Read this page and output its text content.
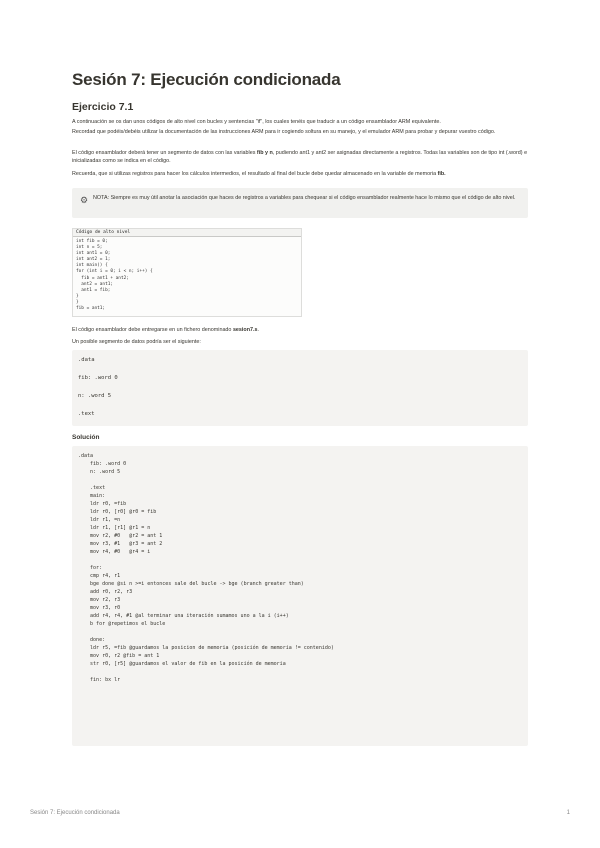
Sesión 7: Ejecución condicionada
Ejercicio 7.1
A continuación se os dan unos códigos de alto nivel con bucles y sentencias "if", los cuales tenéis que traducir a un código ensamblador ARM equivalente.
Recordad que podéis/debéis utilizar la documentación de las instrucciones ARM para ir cogiendo soltura en su manejo, y el emulador ARM para probar y depurar vuestro código.
El código ensamblador deberá tener un segmento de datos con las variables fib y n, pudiendo ant1 y ant2 ser asignadas directamente a registros. Todas las variables son de tipo int (.word) e inicializadas como se indica en el código.
Recuerda, que si utilizas registros para hacer los cálculos intermedios, el resultado al final del bucle debe quedar almacenado en la variable de memoria fib.
⚙ NOTA: Siempre es muy útil anotar la asociación que haces de registros a variables para chequear si el código ensamblador realmente hace lo mismo que el código de alto nivel.
Código de alto nivel
int fib = 0;
int n = 5;
int ant1 = 0;
int ant2 = 1;
int main() {
for (int i = 0; i < n; i++) {
fib = ant1 + ant2;
ant2 = ant1;
ant1 = fib;
}
}
fib = ant1;
El código ensamblador debe entregarse en un fichero denominado sesion7.s.
Un posible segmento de datos podría ser el siguiente:
.data
fib: .word 0
n: .word 5
.text
Solución
.data
fib: .word 0
n: .word 5

.text
main:
ldr r0, =fib
ldr r0, [r0] @r0 = fib
ldr r1, =n
ldr r1, [r1] @r1 = n
mov r2, #0   @r2 = ant 1
mov r3, #1   @r3 = ant 2
mov r4, #0   @r4 = i

for:
cmp r4, r1
bge done @si n >=i entonces sale del bucle -> bge (branch greater than)
add r0, r2, r3
mov r2, r3
mov r3, r0
add r4, r4, #1 @al terminar una iteración sumamos uno a la i (i++)
b for @repetimos el bucle

done:
ldr r5, =fib @guardamos la posicion de memoria (posición de memoria != contenido)
mov r0, r2 @fib = ant 1
str r0, [r5] @guardamos el valor de fib en la posición de memoria

fin: bx lr
Sesión 7: Ejecución condicionada	1
